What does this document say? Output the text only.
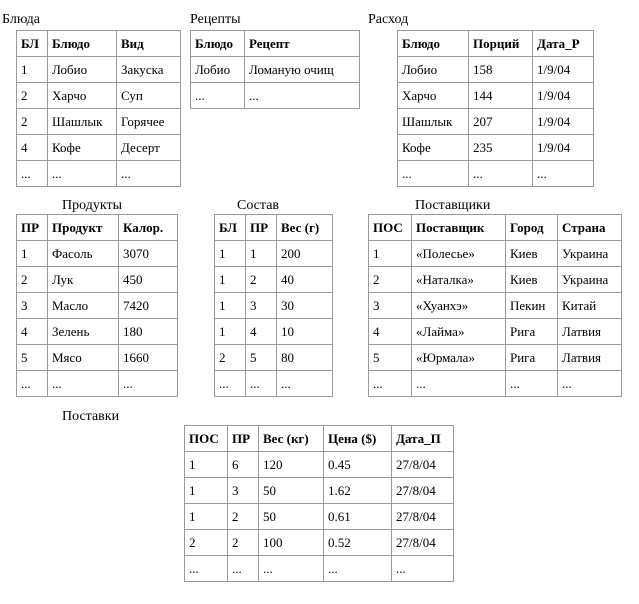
Блюда
БЛ	Блюдо	Вид
1	Лобио	Закуска
2	Харчо	Суп
2	Шашлык	Горячее
4	Кофе	Десерт
...	...	...
Рецепты
Блюдо	Рецепт
Лобио	Ломаную очищ
...	...
Расход
Блюдо	Порций	Дата_Р
Лобио	158	1/9/04
Харчо	144	1/9/04
Шашлык	207	1/9/04
Кофе	235	1/9/04
...	...	...
Продукты
ПР	Продукт	Калор.
1	Фасоль	3070
2	Лук	450
3	Масло	7420
4	Зелень	180
5	Мясо	1660
...	...	...
Состав
БЛ	ПР	Вес (г)
1	1	200
1	2	40
1	3	30
1	4	10
2	5	80
...	...	...
Поставщики
ПОС	Поставщик	Город	Страна
1	«Полесье»	Киев	Украина
2	«Наталка»	Киев	Украина
3	«Хуанхэ»	Пекин	Китай
4	«Лайма»	Рига	Латвия
5	«Юрмала»	Рига	Латвия
...	...	...	...
Поставки
ПОС	ПР	Вес (кг)	Цена ($)	Дата_П
1	6	120	0.45	27/8/04
1	3	50	1.62	27/8/04
1	2	50	0.61	27/8/04
2	2	100	0.52	27/8/04
...	...	...	...	...
